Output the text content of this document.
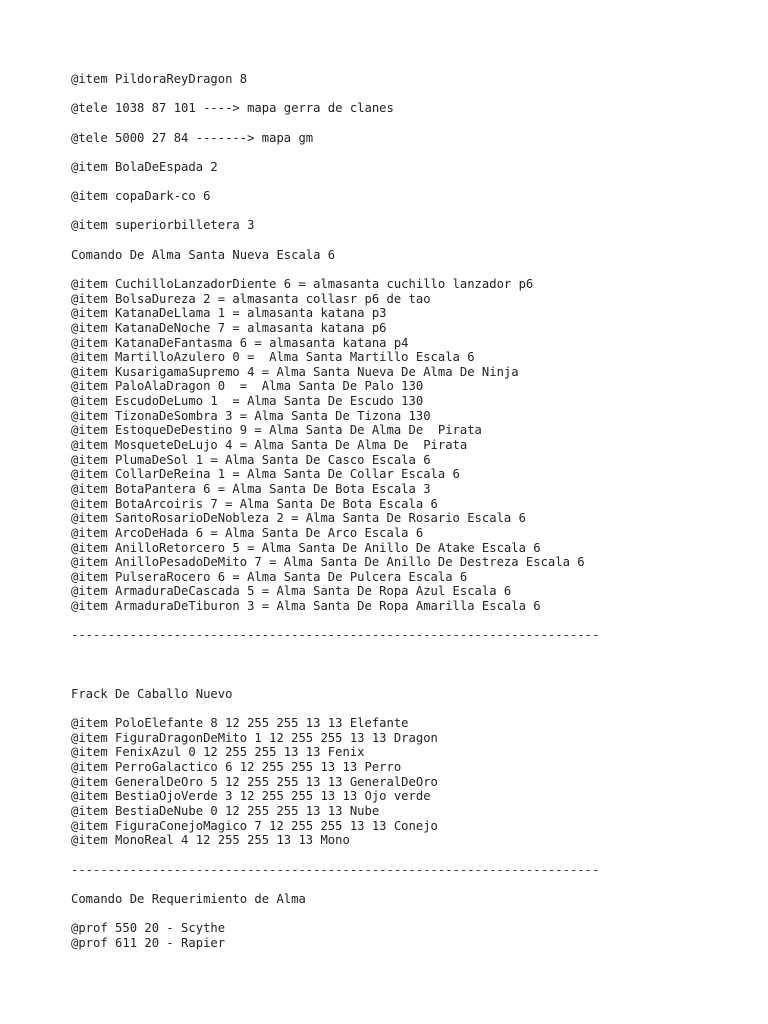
@item PildoraReyDragon 8
@tele 1038 87 101 ----> mapa gerra de clanes
@tele 5000 27 84 -------> mapa gm
@item BolaDeEspada 2
@item copaDark-co 6
@item superiorbilletera 3
Comando De Alma Santa Nueva Escala 6
@item CuchilloLanzadorDiente 6 = almasanta cuchillo lanzador p6
@item BolsaDureza 2 = almasanta collasr p6 de tao
@item KatanaDeLlama 1 = almasanta katana p3
@item KatanaDeNoche 7 = almasanta katana p6
@item KatanaDeFantasma 6 = almasanta katana p4
@item MartilloAzulero 0 =  Alma Santa Martillo Escala 6
@item KusarigamaSupremo 4 = Alma Santa Nueva De Alma De Ninja
@item PaloAlaDragon 0  =  Alma Santa De Palo 130
@item EscudoDeLumo 1  = Alma Santa De Escudo 130
@item TizonaDeSombra 3 = Alma Santa De Tizona 130
@item EstoqueDeDestino 9 = Alma Santa De Alma De  Pirata
@item MosqueteDeLujo 4 = Alma Santa De Alma De  Pirata
@item PlumaDeSol 1 = Alma Santa De Casco Escala 6
@item CollarDeReina 1 = Alma Santa De Collar Escala 6
@item BotaPantera 6 = Alma Santa De Bota Escala 3
@item BotaArcoiris 7 = Alma Santa De Bota Escala 6
@item SantoRosarioDeNobleza 2 = Alma Santa De Rosario Escala 6
@item ArcoDeHada 6 = Alma Santa De Arco Escala 6
@item AnilloRetorcero 5 = Alma Santa De Anillo De Atake Escala 6
@item AnilloPesadoDeMito 7 = Alma Santa De Anillo De Destreza Escala 6
@item PulseraRocero 6 = Alma Santa De Pulcera Escala 6
@item ArmaduraDeCascada 5 = Alma Santa De Ropa Azul Escala 6
@item ArmaduraDeTiburon 3 = Alma Santa De Ropa Amarilla Escala 6
------------------------------------------------------------------------
Frack De Caballo Nuevo
@item PoloElefante 8 12 255 255 13 13 Elefante
@item FiguraDragonDeMito 1 12 255 255 13 13 Dragon
@item FenixAzul 0 12 255 255 13 13 Fenix
@item PerroGalactico 6 12 255 255 13 13 Perro
@item GeneralDeOro 5 12 255 255 13 13 GeneralDeOro
@item BestiaOjoVerde 3 12 255 255 13 13 Ojo verde
@item BestiaDeNube 0 12 255 255 13 13 Nube
@item FiguraConejoMagico 7 12 255 255 13 13 Conejo
@item MonoReal 4 12 255 255 13 13 Mono
------------------------------------------------------------------------
Comando De Requerimiento de Alma
@prof 550 20 - Scythe
@prof 611 20 - Rapier
